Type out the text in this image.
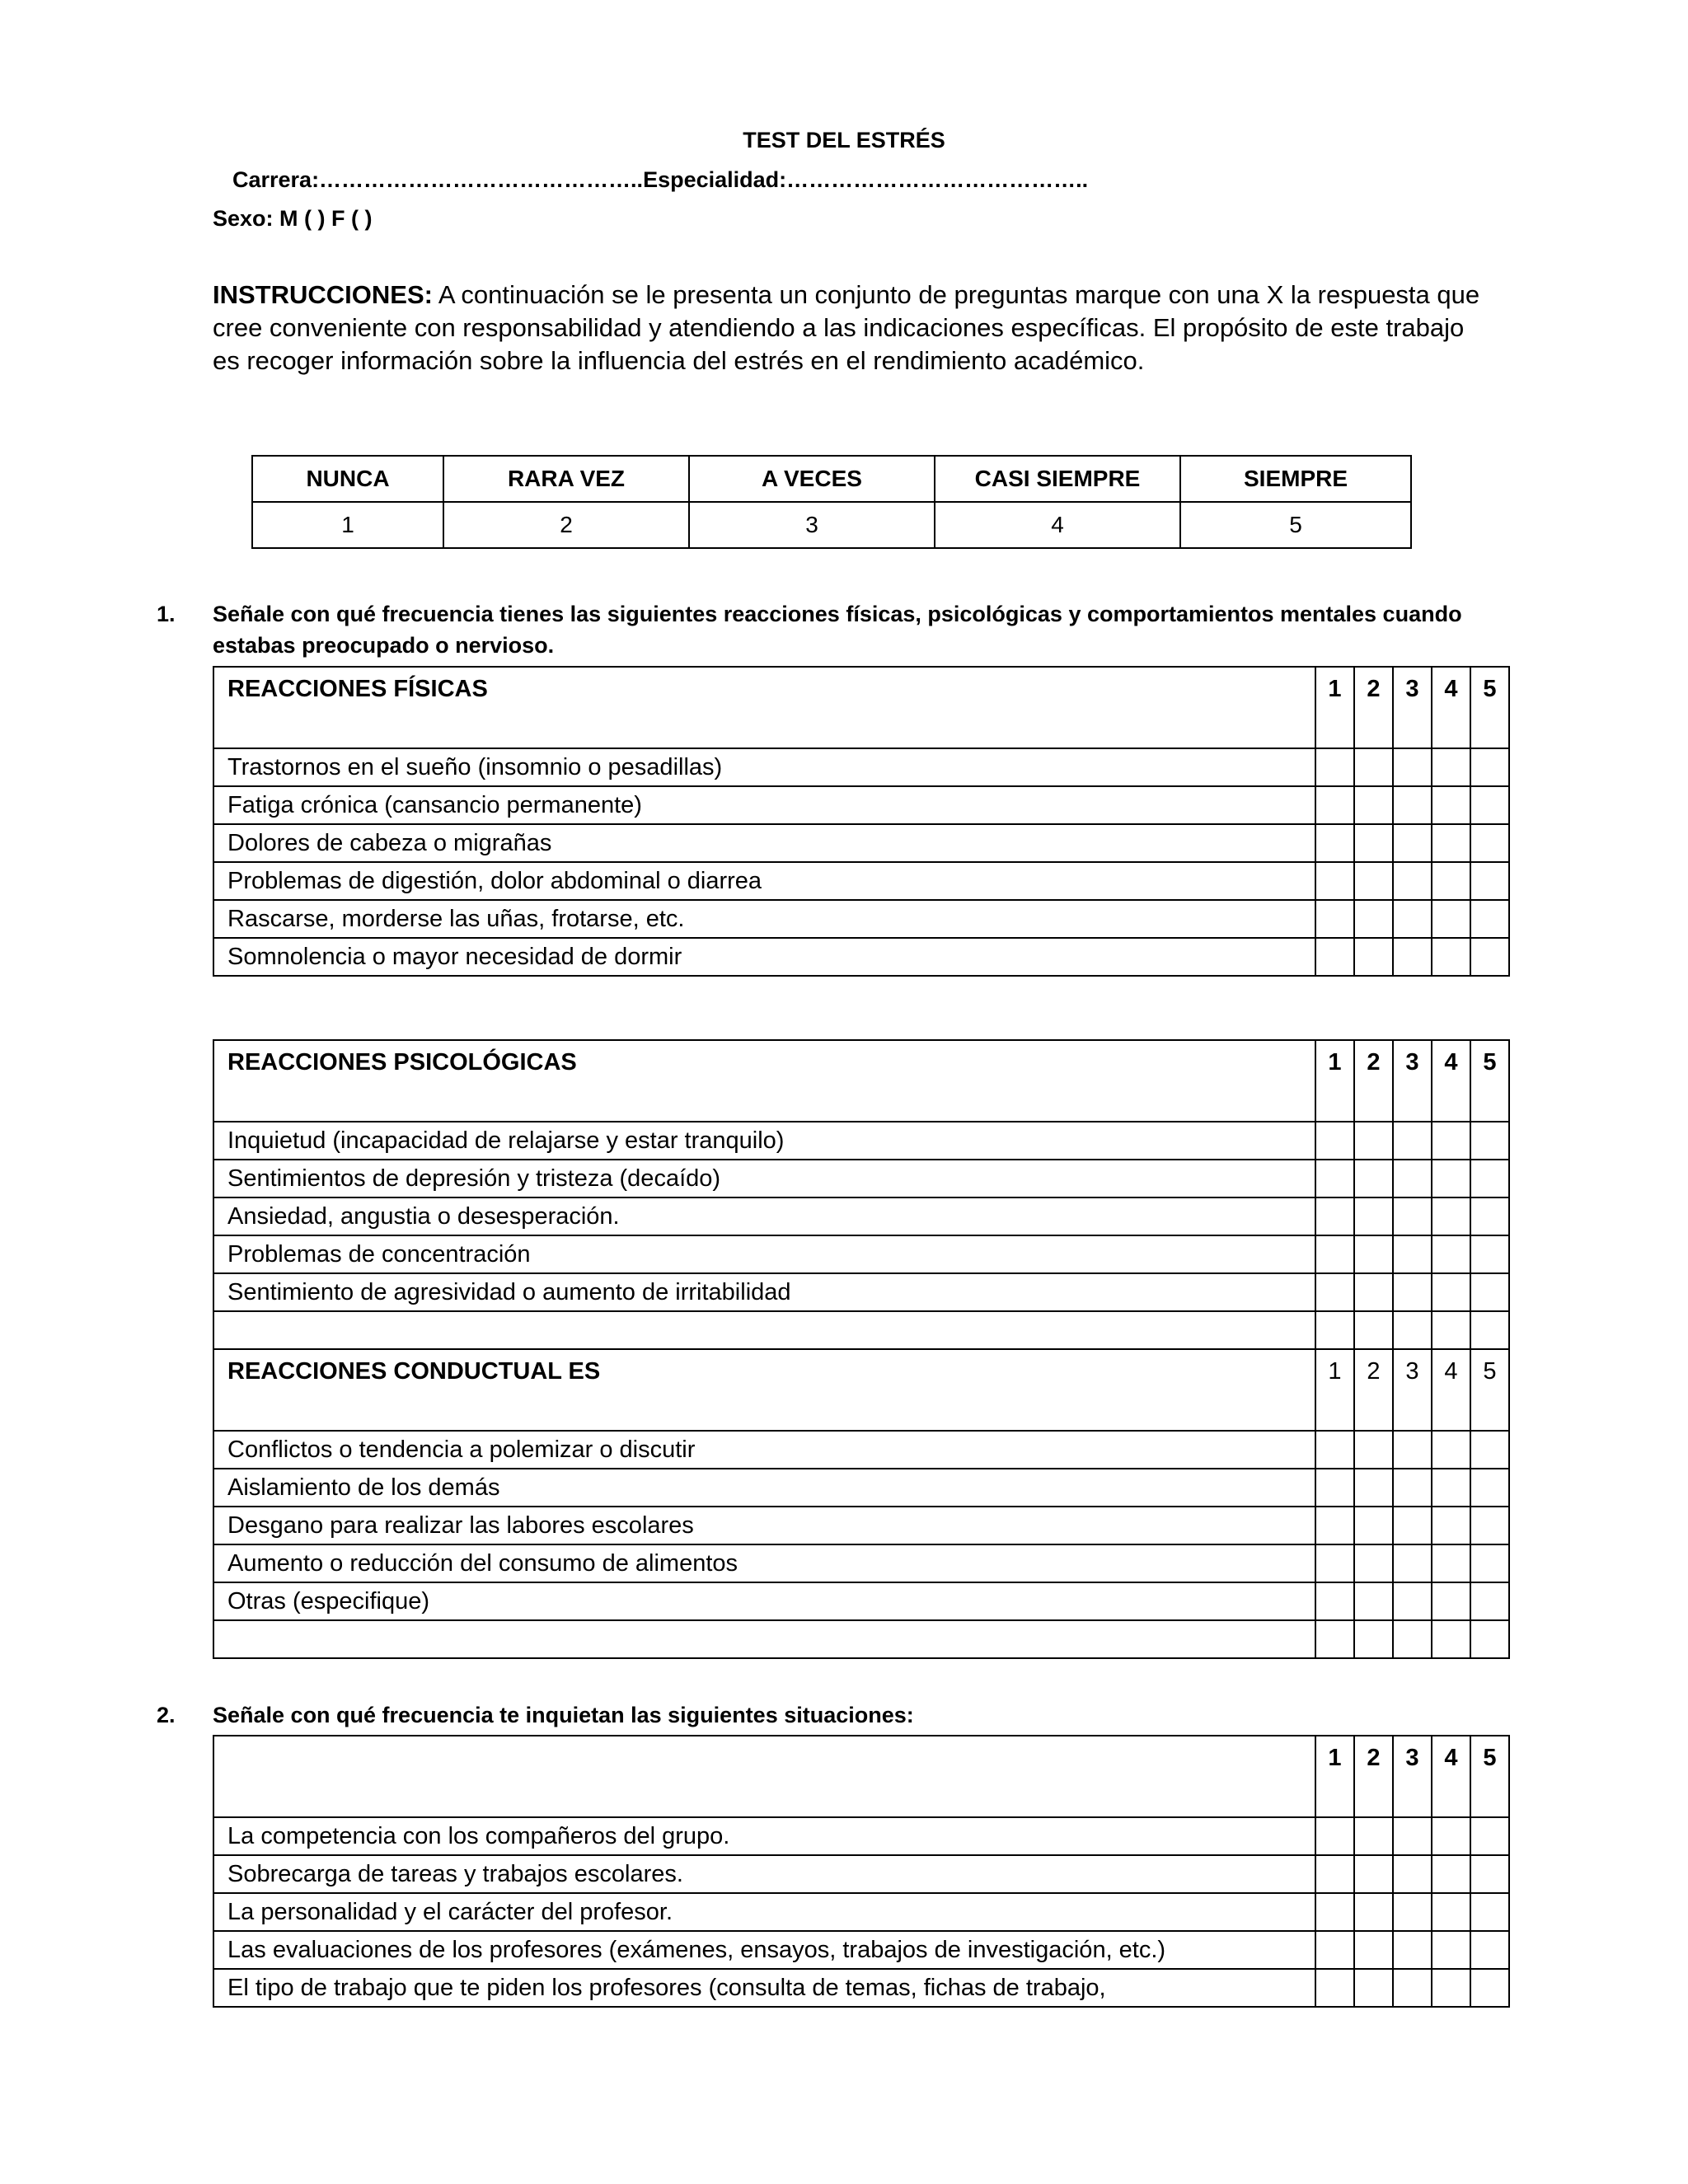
TEST DEL ESTRÉS
Carrera:……………………………………..Especialidad:…………………………………..
Sexo: M ( ) F ( )
INSTRUCCIONES: A continuación se le presenta un conjunto de preguntas marque con una X la respuesta que cree conveniente con responsabilidad y atendiendo a las indicaciones específicas. El propósito de este trabajo es recoger información sobre la influencia del estrés en el rendimiento académico.
NUNCA	RARA VEZ	A VECES	CASI SIEMPRE	SIEMPRE
1	2	3	4	5
1. Señale con qué frecuencia tienes las siguientes reacciones físicas, psicológicas y comportamientos mentales cuando estabas preocupado o nervioso.
REACCIONES FÍSICAS	1	2	3	4	5
Trastornos en el sueño (insomnio o pesadillas)					
Fatiga crónica (cansancio permanente)					
Dolores de cabeza o migrañas					
Problemas de digestión, dolor abdominal o diarrea					
Rascarse, morderse las uñas, frotarse, etc.					
Somnolencia o mayor necesidad de dormir					
REACCIONES PSICOLÓGICAS	1	2	3	4	5
Inquietud (incapacidad de relajarse y estar tranquilo)					
Sentimientos de depresión y tristeza (decaído)					
Ansiedad, angustia o desesperación.					
Problemas de concentración					
Sentimiento de agresividad o aumento de irritabilidad					

REACCIONES CONDUCTUAL ES	1	2	3	4	5
Conflictos o tendencia a polemizar o discutir					
Aislamiento de los demás					
Desgano para realizar las labores escolares					
Aumento o reducción del consumo de alimentos					
Otras (especifique)					

2. Señale con qué frecuencia te inquietan las siguientes situaciones:
	1	2	3	4	5
La competencia con los compañeros del grupo.					
Sobrecarga de tareas y trabajos escolares.					
La personalidad y el carácter del profesor.					
Las evaluaciones de los profesores (exámenes, ensayos, trabajos de investigación, etc.)					
El tipo de trabajo que te piden los profesores (consulta de temas, fichas de trabajo,					
